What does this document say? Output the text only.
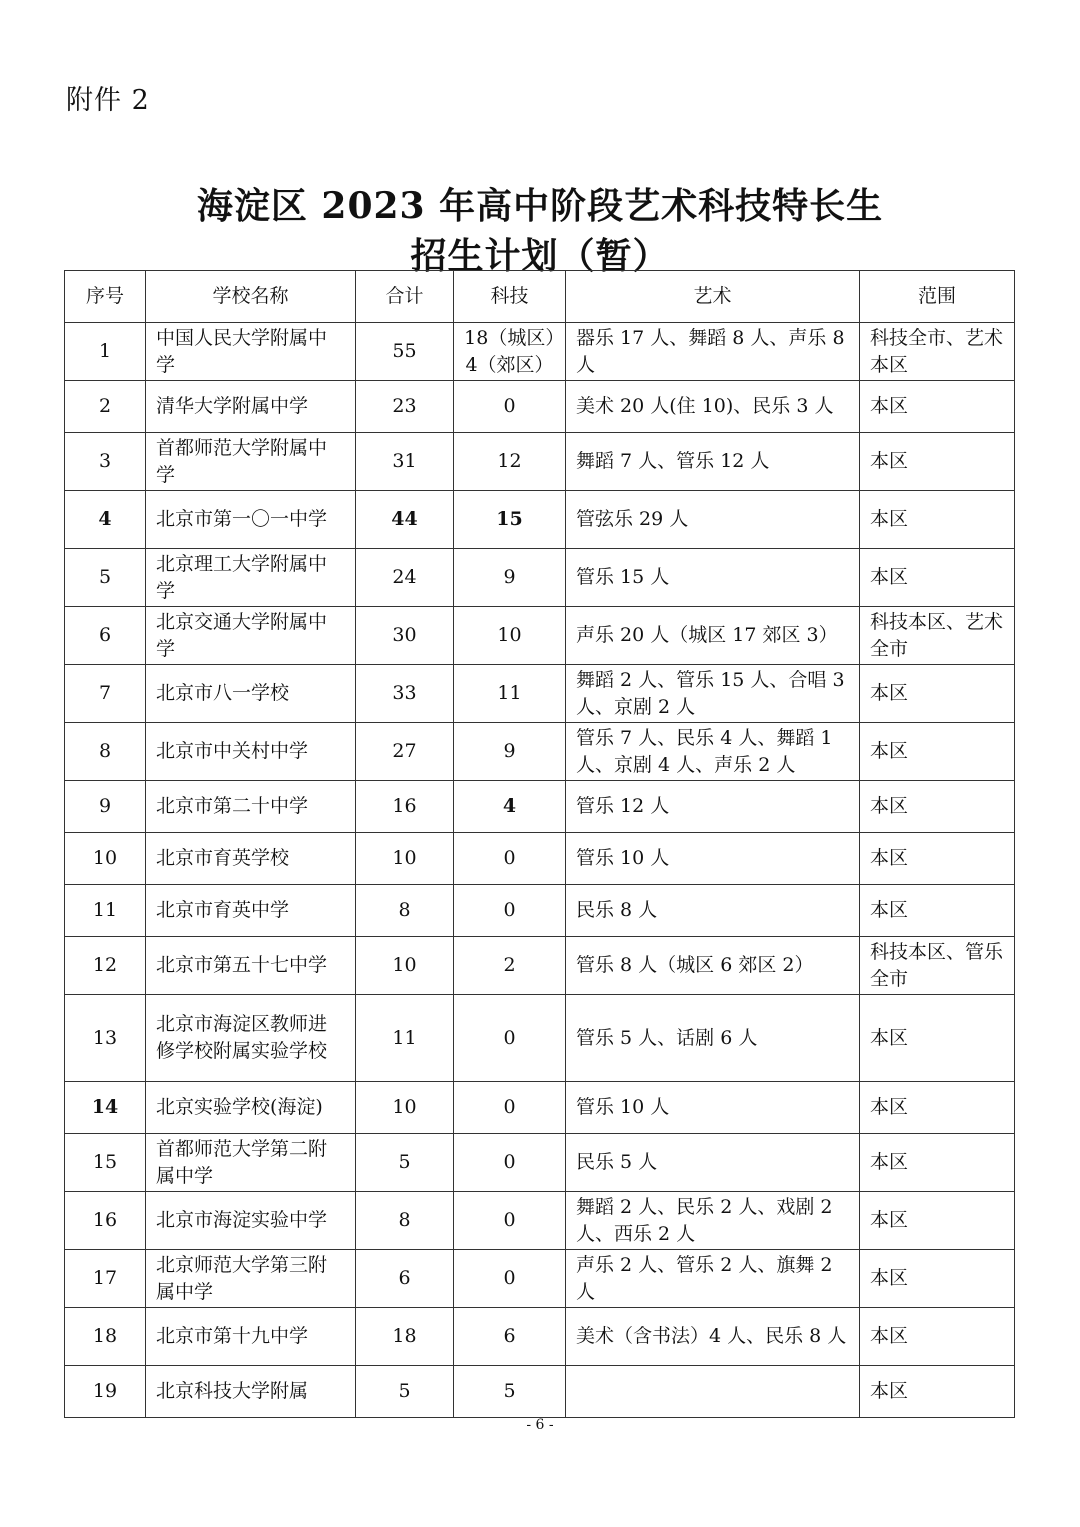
附件 2
海淀区 2023 年高中阶段艺术科技特长生
招生计划（暂）
序号	学校名称	合计	科技	艺术	范围
1	中国人民大学附属中学	55	18（城区）4（郊区）	器乐 17 人、舞蹈 8 人、声乐 8 人	科技全市、艺术本区
2	清华大学附属中学	23	0	美术 20 人(住 10)、民乐 3 人	本区
3	首都师范大学附属中学	31	12	舞蹈 7 人、管乐 12 人	本区
4	北京市第一〇一中学	44	15	管弦乐 29 人	本区
5	北京理工大学附属中学	24	9	管乐 15 人	本区
6	北京交通大学附属中学	30	10	声乐 20 人（城区 17 郊区 3）	科技本区、艺术全市
7	北京市八一学校	33	11	舞蹈 2 人、管乐 15 人、合唱 3 人、京剧 2 人	本区
8	北京市中关村中学	27	9	管乐 7 人、民乐 4 人、舞蹈 1 人、京剧 4 人、声乐 2 人	本区
9	北京市第二十中学	16	4	管乐 12 人	本区
10	北京市育英学校	10	0	管乐 10 人	本区
11	北京市育英中学	8	0	民乐 8 人	本区
12	北京市第五十七中学	10	2	管乐 8 人（城区 6 郊区 2）	科技本区、管乐全市
13	北京市海淀区教师进修学校附属实验学校	11	0	管乐 5 人、话剧 6 人	本区
14	北京实验学校(海淀)	10	0	管乐 10 人	本区
15	首都师范大学第二附属中学	5	0	民乐 5 人	本区
16	北京市海淀实验中学	8	0	舞蹈 2 人、民乐 2 人、戏剧 2 人、西乐 2 人	本区
17	北京师范大学第三附属中学	6	0	声乐 2 人、管乐 2 人、旗舞 2 人	本区
18	北京市第十九中学	18	6	美术（含书法）4 人、民乐 8 人	本区
19	北京科技大学附属	5	5		本区
- 6 -
